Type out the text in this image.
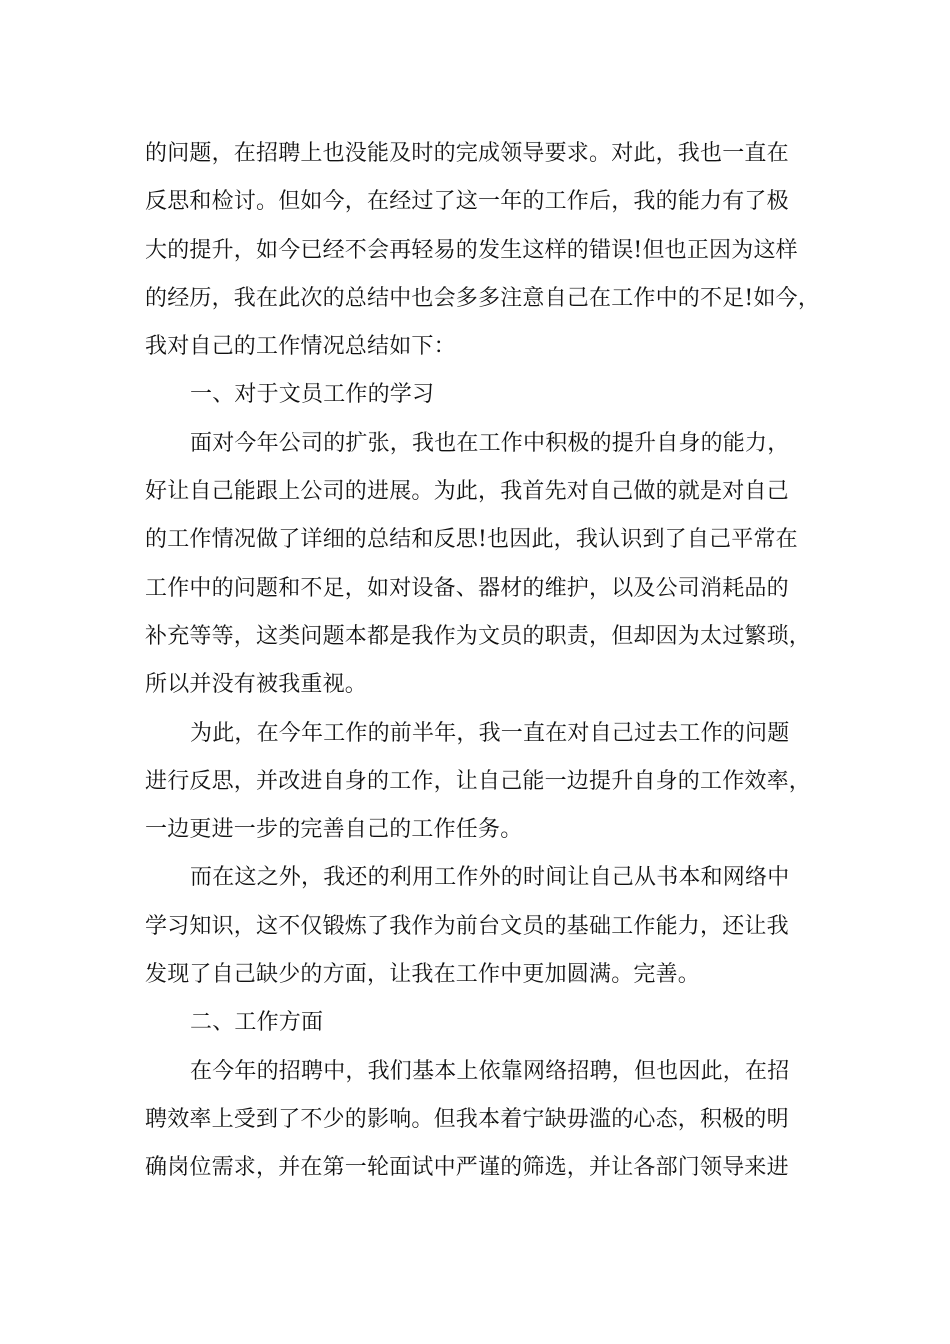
的问题，在招聘上也没能及时的完成领导要求。对此，我也一直在
反思和检讨。但如今，在经过了这一年的工作后，我的能力有了极
大的提升，如今已经不会再轻易的发生这样的错误!但也正因为这样
的经历，我在此次的总结中也会多多注意自己在工作中的不足!如今，
我对自己的工作情况总结如下：
一、对于文员工作的学习
面对今年公司的扩张，我也在工作中积极的提升自身的能力，
好让自己能跟上公司的进展。为此，我首先对自己做的就是对自己
的工作情况做了详细的总结和反思!也因此，我认识到了自己平常在
工作中的问题和不足，如对设备、器材的维护，以及公司消耗品的
补充等等，这类问题本都是我作为文员的职责，但却因为太过繁琐，
所以并没有被我重视。
为此，在今年工作的前半年，我一直在对自己过去工作的问题
进行反思，并改进自身的工作，让自己能一边提升自身的工作效率，
一边更进一步的完善自己的工作任务。
而在这之外，我还的利用工作外的时间让自己从书本和网络中
学习知识，这不仅锻炼了我作为前台文员的基础工作能力，还让我
发现了自己缺少的方面，让我在工作中更加圆满。完善。
二、工作方面
在今年的招聘中，我们基本上依靠网络招聘，但也因此，在招
聘效率上受到了不少的影响。但我本着宁缺毋滥的心态，积极的明
确岗位需求，并在第一轮面试中严谨的筛选，并让各部门领导来进
